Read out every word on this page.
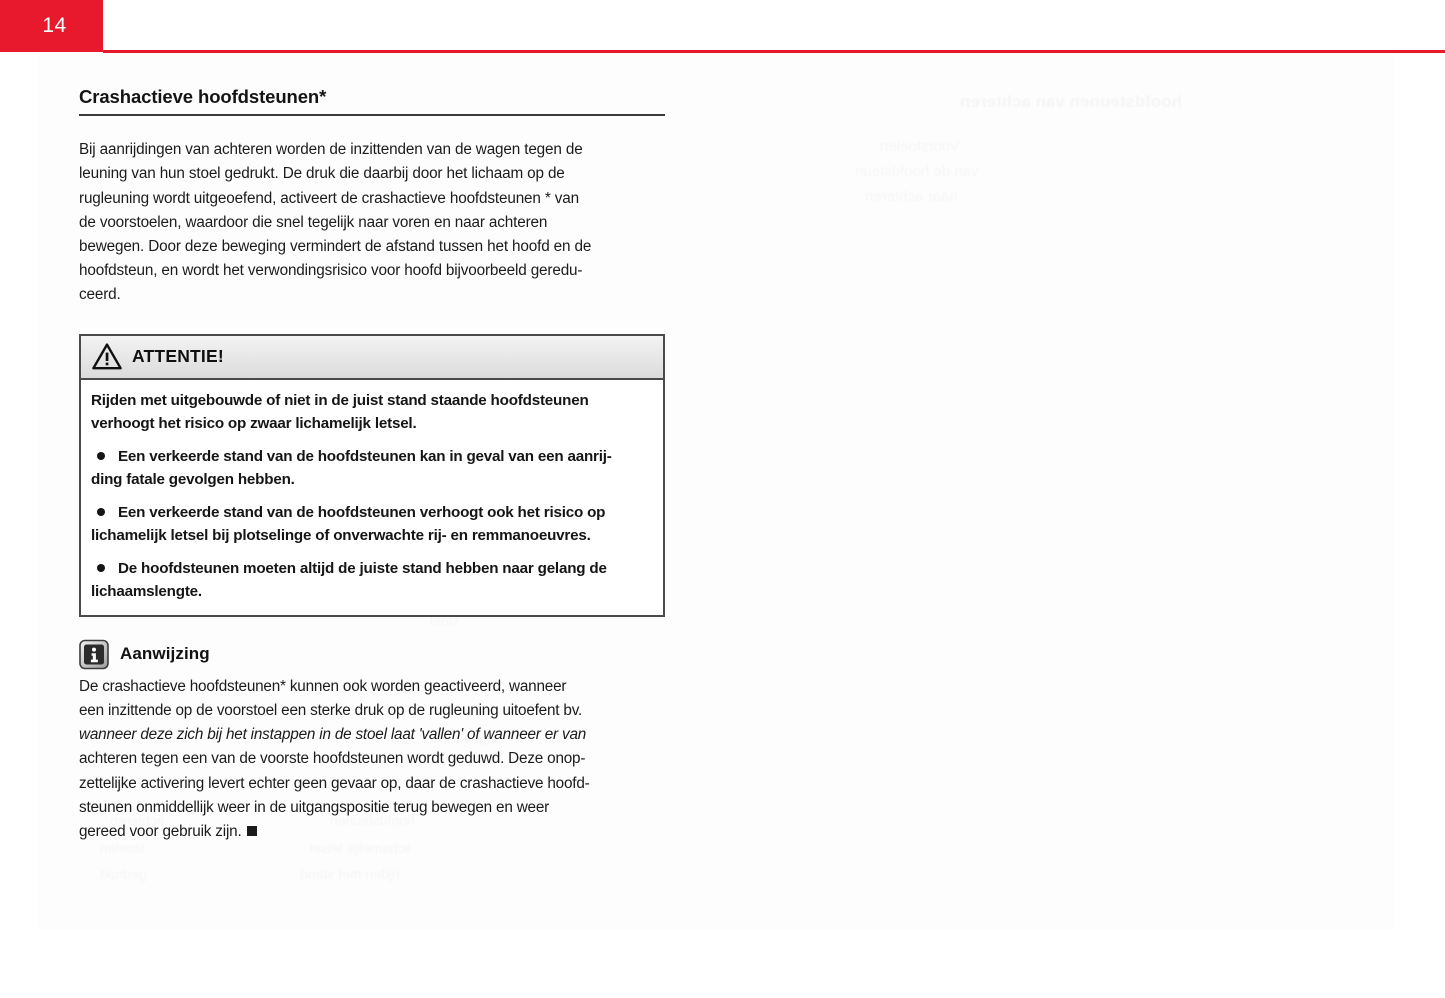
14
Crashactieve hoofdsteunen*

Bij aanrijdingen van achteren worden de inzittenden van de wagen tegen de
leuning van hun stoel gedrukt. De druk die daarbij door het lichaam op de
rugleuning wordt uitgeoefend, activeert de crashactieve hoofdsteunen * van
de voorstoelen, waardoor die snel tegelijk naar voren en naar achteren
bewegen. Door deze beweging vermindert de afstand tussen het hoofd en de
hoofdsteun, en wordt het verwondingsrisico voor hoofd bijvoorbeeld geredu-
ceerd.

ATTENTIE!

Rijden met uitgebouwde of niet in de juist stand staande hoofdsteunen
verhoogt het risico op zwaar lichamelijk letsel.

Een verkeerde stand van de hoofdsteunen kan in geval van een aanrij-
ding fatale gevolgen hebben.

Een verkeerde stand van de hoofdsteunen verhoogt ook het risico op
lichamelijk letsel bij plotselinge of onverwachte rij- en remmanoeuvres.

De hoofdsteunen moeten altijd de juiste stand hebben naar gelang de
lichaamslengte.

Aanwijzing

De crashactieve hoofdsteunen* kunnen ook worden geactiveerd, wanneer
een inzittende op de voorstoel een sterke druk op de rugleuning uitoefent bv.
wanneer deze zich bij het instappen in de stoel laat 'vallen' of wanneer er van
achteren tegen een van de voorste hoofdsteunen wordt geduwd. Deze onop-
zettelijke activering levert echter geen gevaar op, daar de crashactieve hoofd-
steunen onmiddellijk weer in de uitgangspositie terug bewegen en weer
gereed voor gebruik zijn.
